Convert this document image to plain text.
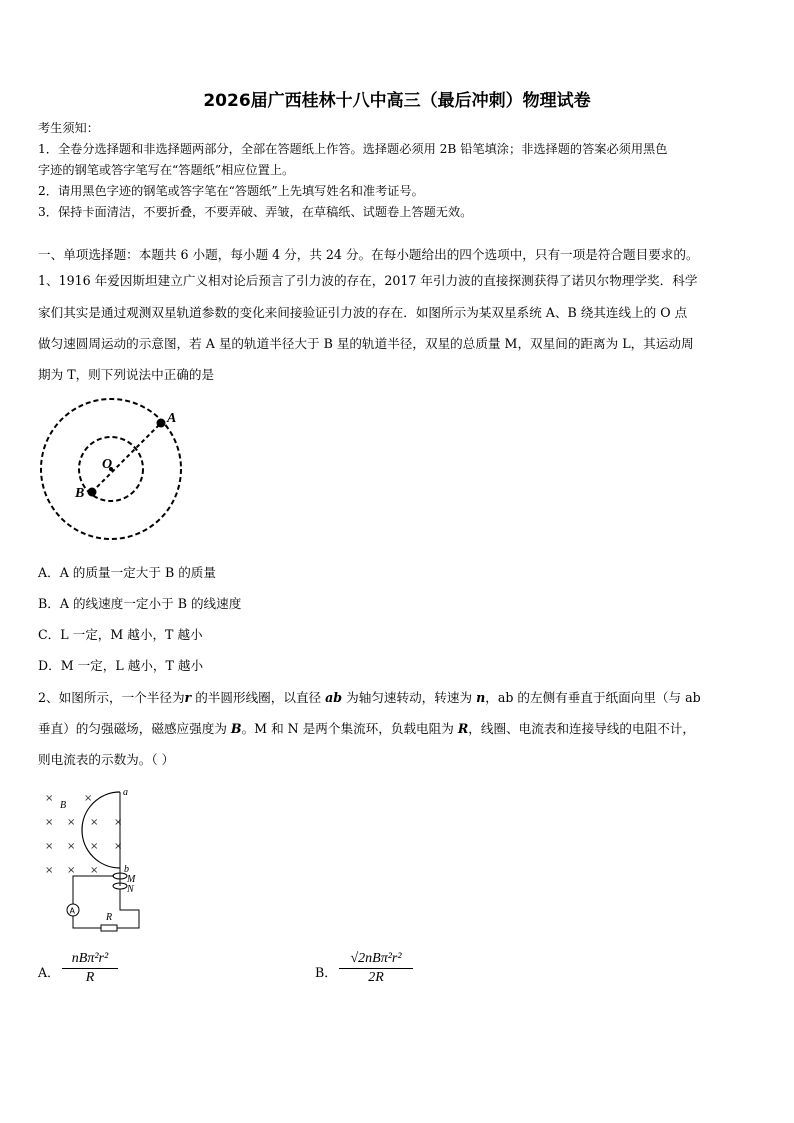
2026届广西桂林十八中高三（最后冲刺）物理试卷
考生须知：
1．全卷分选择题和非选择题两部分，全部在答题纸上作答。选择题必须用 2B 铅笔填涂；非选择题的答案必须用黑色
字迹的钢笔或答字笔写在“答题纸”相应位置上。
2．请用黑色字迹的钢笔或答字笔在“答题纸”上先填写姓名和准考证号。
3．保持卡面清洁，不要折叠，不要弄破、弄皱，在草稿纸、试题卷上答题无效。
一、单项选择题：本题共 6 小题，每小题 4 分，共 24 分。在每小题给出的四个选项中，只有一项是符合题目要求的。
1、1916 年爱因斯坦建立广义相对论后预言了引力波的存在，2017 年引力波的直接探测获得了诺贝尔物理学奖．科学
家们其实是通过观测双星轨道参数的变化来间接验证引力波的存在．如图所示为某双星系统 A、B 绕其连线上的 O 点
做匀速圆周运动的示意图，若 A 星的轨道半径大于 B 星的轨道半径，双星的总质量 M，双星间的距离为 L，其运动周
期为 T，则下列说法中正确的是
A
B
O
A．A 的质量一定大于 B 的质量
B．A 的线速度一定小于 B 的线速度
C．L 一定，M 越小，T 越小
D．M 一定，L 越小，T 越小
2、如图所示，一个半径为r 的半圆形线圈，以直径 ab 为轴匀速转动，转速为 n，ab 的左侧有垂直于纸面向里（与 ab
垂直）的匀强磁场，磁感应强度为 B。M 和 N 是两个集流环，负载电阻为 R，线圈、电流表和连接导线的电阻不计，
则电流表的示数为。（ ）
×	×
× × × ×
× × × ×
× × ×
B
a
b
M
N
R
A
A．
nBπ²r²
R	B．
√2nBπ²r²
2R
